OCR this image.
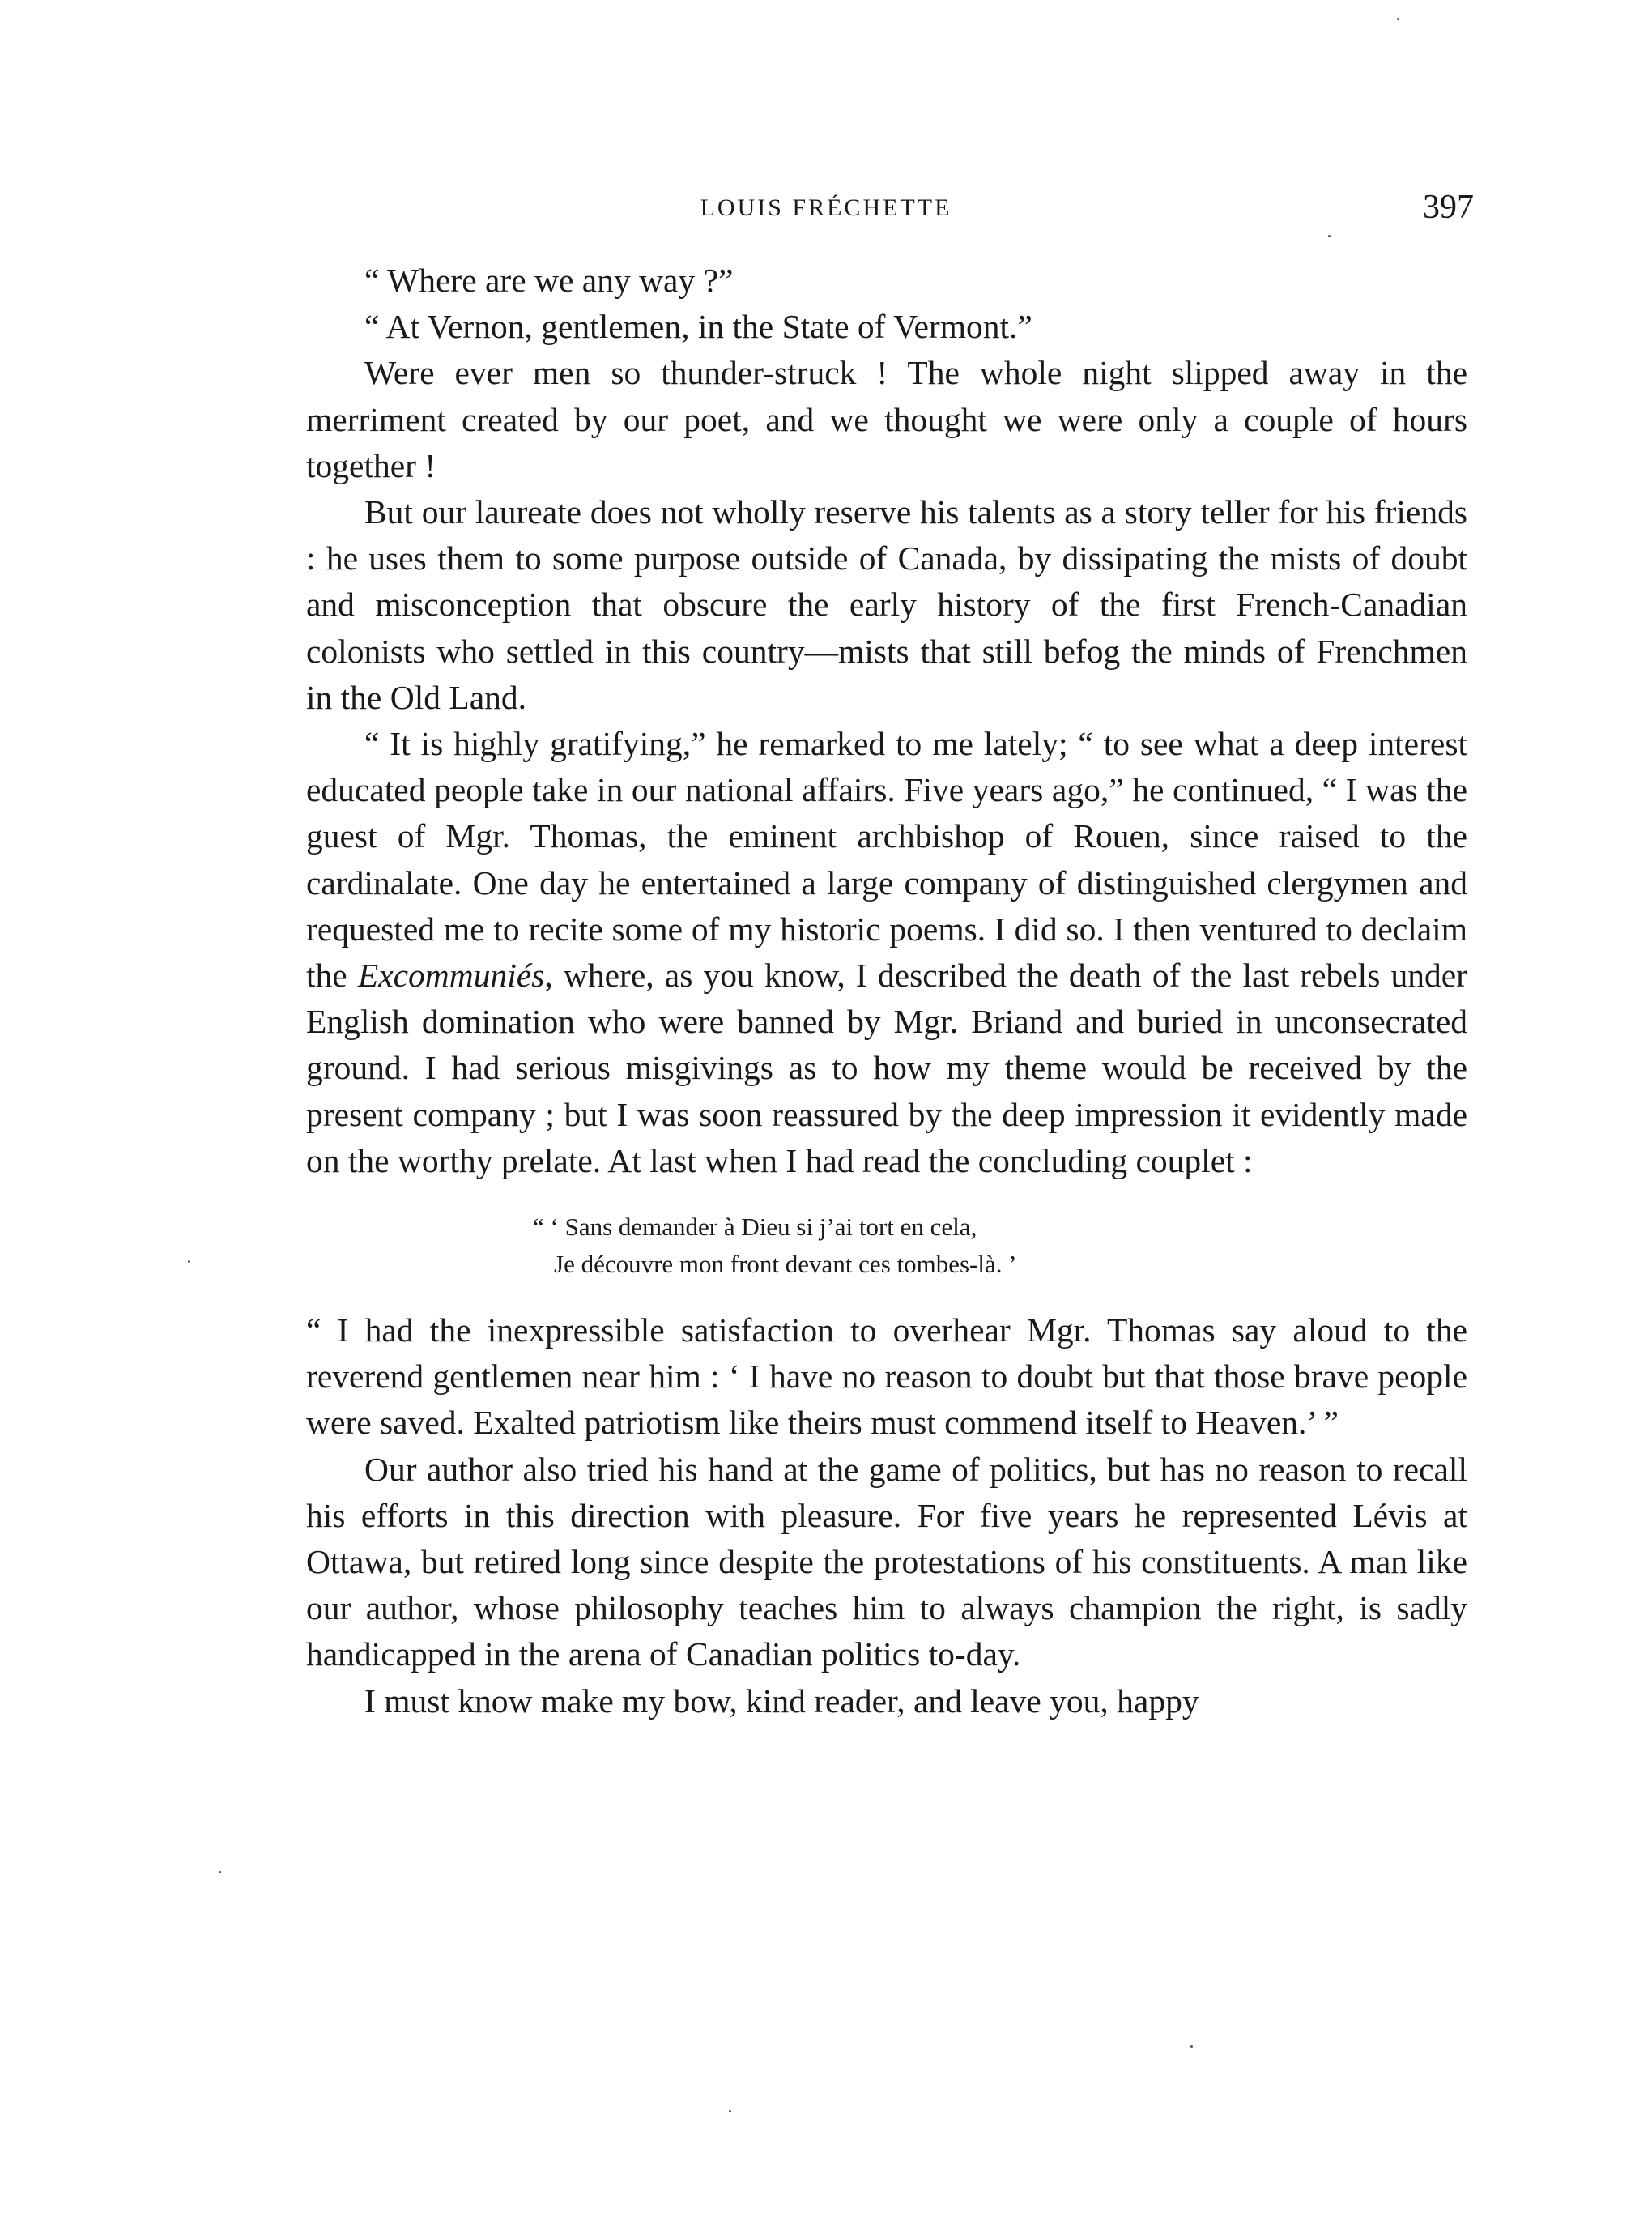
LOUIS FRÉCHETTE	397

“ Where are we any way ?”

“ At Vernon, gentlemen, in the State of Vermont.”

Were ever men so thunder-struck ! The whole night slipped away in the merriment created by our poet, and we thought we were only a couple of hours together !

But our laureate does not wholly reserve his talents as a story teller for his friends : he uses them to some purpose outside of Canada, by dissipating the mists of doubt and misconception that obscure the early history of the first French-Canadian colonists who settled in this country—mists that still befog the minds of Frenchmen in the Old Land.

“ It is highly gratifying,” he remarked to me lately; “ to see what a deep interest educated people take in our national affairs. Five years ago,” he continued, “ I was the guest of Mgr. Thomas, the eminent archbishop of Rouen, since raised to the cardinalate. One day he entertained a large company of distinguished clergymen and requested me to recite some of my historic poems. I did so. I then ventured to declaim the Excommuniés, where, as you know, I described the death of the last rebels under English domination who were banned by Mgr. Briand and buried in unconsecrated ground. I had serious misgivings as to how my theme would be received by the present company ; but I was soon reassured by the deep impression it evidently made on the worthy prelate. At last when I had read the concluding couplet :

“ ‘ Sans demander à Dieu si j’ai tort en cela,
Je découvre mon front devant ces tombes-là. ’

“ I had the inexpressible satisfaction to overhear Mgr. Thomas say aloud to the reverend gentlemen near him : ‘ I have no reason to doubt but that those brave people were saved. Exalted patriotism like theirs must commend itself to Heaven.’ ”

Our author also tried his hand at the game of politics, but has no reason to recall his efforts in this direction with pleasure. For five years he represented Lévis at Ottawa, but retired long since despite the protestations of his constituents. A man like our author, whose philosophy teaches him to always champion the right, is sadly handicapped in the arena of Canadian politics to-day.

I must know make my bow, kind reader, and leave you, happy
